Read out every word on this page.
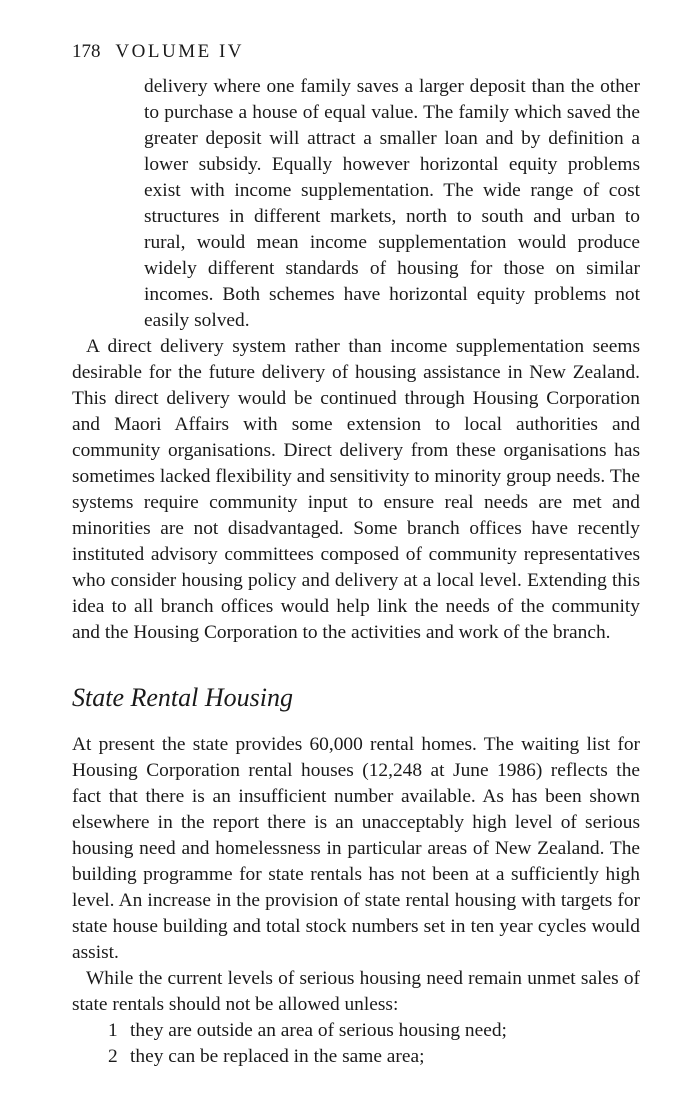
178 VOLUME IV
delivery where one family saves a larger deposit than the other to purchase a house of equal value. The family which saved the greater deposit will attract a smaller loan and by definition a lower subsidy. Equally however horizontal equity problems exist with income supplementation. The wide range of cost structures in different markets, north to south and urban to rural, would mean income supplementation would produce widely different standards of housing for those on similar incomes. Both schemes have horizontal equity problems not easily solved.

A direct delivery system rather than income supplementation seems desirable for the future delivery of housing assistance in New Zealand. This direct delivery would be continued through Housing Corporation and Maori Affairs with some extension to local authorities and community organisations. Direct delivery from these organisations has sometimes lacked flexibility and sensitivity to minority group needs. The systems require community input to ensure real needs are met and minorities are not disadvantaged. Some branch offices have recently instituted advisory committees composed of community representatives who consider housing policy and delivery at a local level. Extending this idea to all branch offices would help link the needs of the community and the Housing Corporation to the activities and work of the branch.

State Rental Housing

At present the state provides 60,000 rental homes. The waiting list for Housing Corporation rental houses (12,248 at June 1986) reflects the fact that there is an insufficient number available. As has been shown elsewhere in the report there is an unacceptably high level of serious housing need and homelessness in particular areas of New Zealand. The building programme for state rentals has not been at a sufficiently high level. An increase in the provision of state rental housing with targets for state house building and total stock numbers set in ten year cycles would assist.

While the current levels of serious housing need remain unmet sales of state rentals should not be allowed unless:

1 they are outside an area of serious housing need;
2 they can be replaced in the same area;
